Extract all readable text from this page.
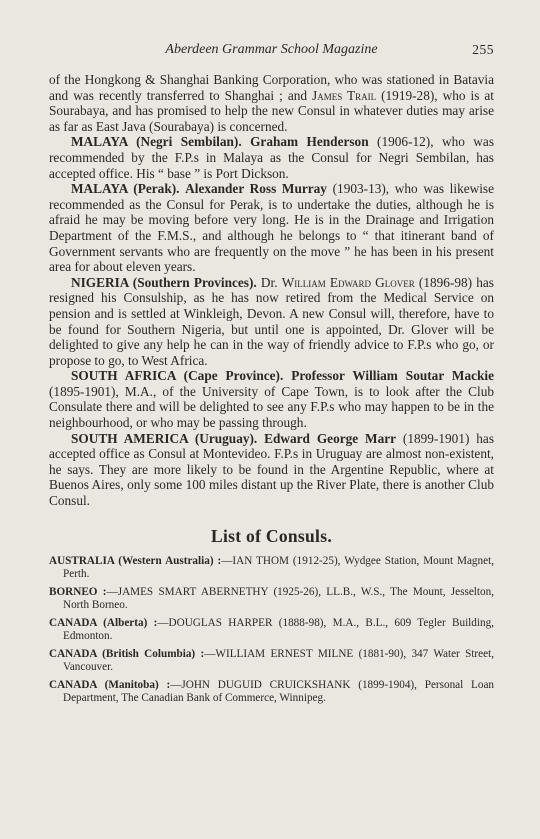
Aberdeen Grammar School Magazine	255

of the Hongkong & Shanghai Banking Corporation, who was stationed in Batavia and was recently transferred to Shanghai ; and James Trail (1919-28), who is at Sourabaya, and has promised to help the new Consul in whatever duties may arise as far as East Java (Sourabaya) is concerned.

MALAYA (Negri Sembilan). Graham Henderson (1906-12), who was recommended by the F.P.s in Malaya as the Consul for Negri Sembilan, has accepted office. His “ base ” is Port Dickson.

MALAYA (Perak). Alexander Ross Murray (1903-13), who was likewise recommended as the Consul for Perak, is to undertake the duties, although he is afraid he may be moving before very long. He is in the Drainage and Irrigation Department of the F.M.S., and although he belongs to “ that itinerant band of Government servants who are frequently on the move ” he has been in his present area for about eleven years.

NIGERIA (Southern Provinces). Dr. William Edward Glover (1896-98) has resigned his Consulship, as he has now retired from the Medical Service on pension and is settled at Winkleigh, Devon. A new Consul will, therefore, have to be found for Southern Nigeria, but until one is appointed, Dr. Glover will be delighted to give any help he can in the way of friendly advice to F.P.s who go, or propose to go, to West Africa.

SOUTH AFRICA (Cape Province). Professor William Soutar Mackie (1895-1901), M.A., of the University of Cape Town, is to look after the Club Consulate there and will be delighted to see any F.P.s who may happen to be in the neighbourhood, or who may be passing through.

SOUTH AMERICA (Uruguay). Edward George Marr (1899-1901) has accepted office as Consul at Montevideo. F.P.s in Uruguay are almost non-existent, he says. They are more likely to be found in the Argentine Republic, where at Buenos Aires, only some 100 miles distant up the River Plate, there is another Club Consul.

List of Consuls.

AUSTRALIA (Western Australia) :—IAN THOM (1912-25), Wydgee Station, Mount Magnet, Perth.

BORNEO :—JAMES SMART ABERNETHY (1925-26), LL.B., W.S., The Mount, Jesselton, North Borneo.

CANADA (Alberta) :—DOUGLAS HARPER (1888-98), M.A., B.L., 609 Tegler Building, Edmonton.

CANADA (British Columbia) :—WILLIAM ERNEST MILNE (1881-90), 347 Water Street, Vancouver.

CANADA (Manitoba) :—JOHN DUGUID CRUICKSHANK (1899-1904), Personal Loan Department, The Canadian Bank of Commerce, Winnipeg.
